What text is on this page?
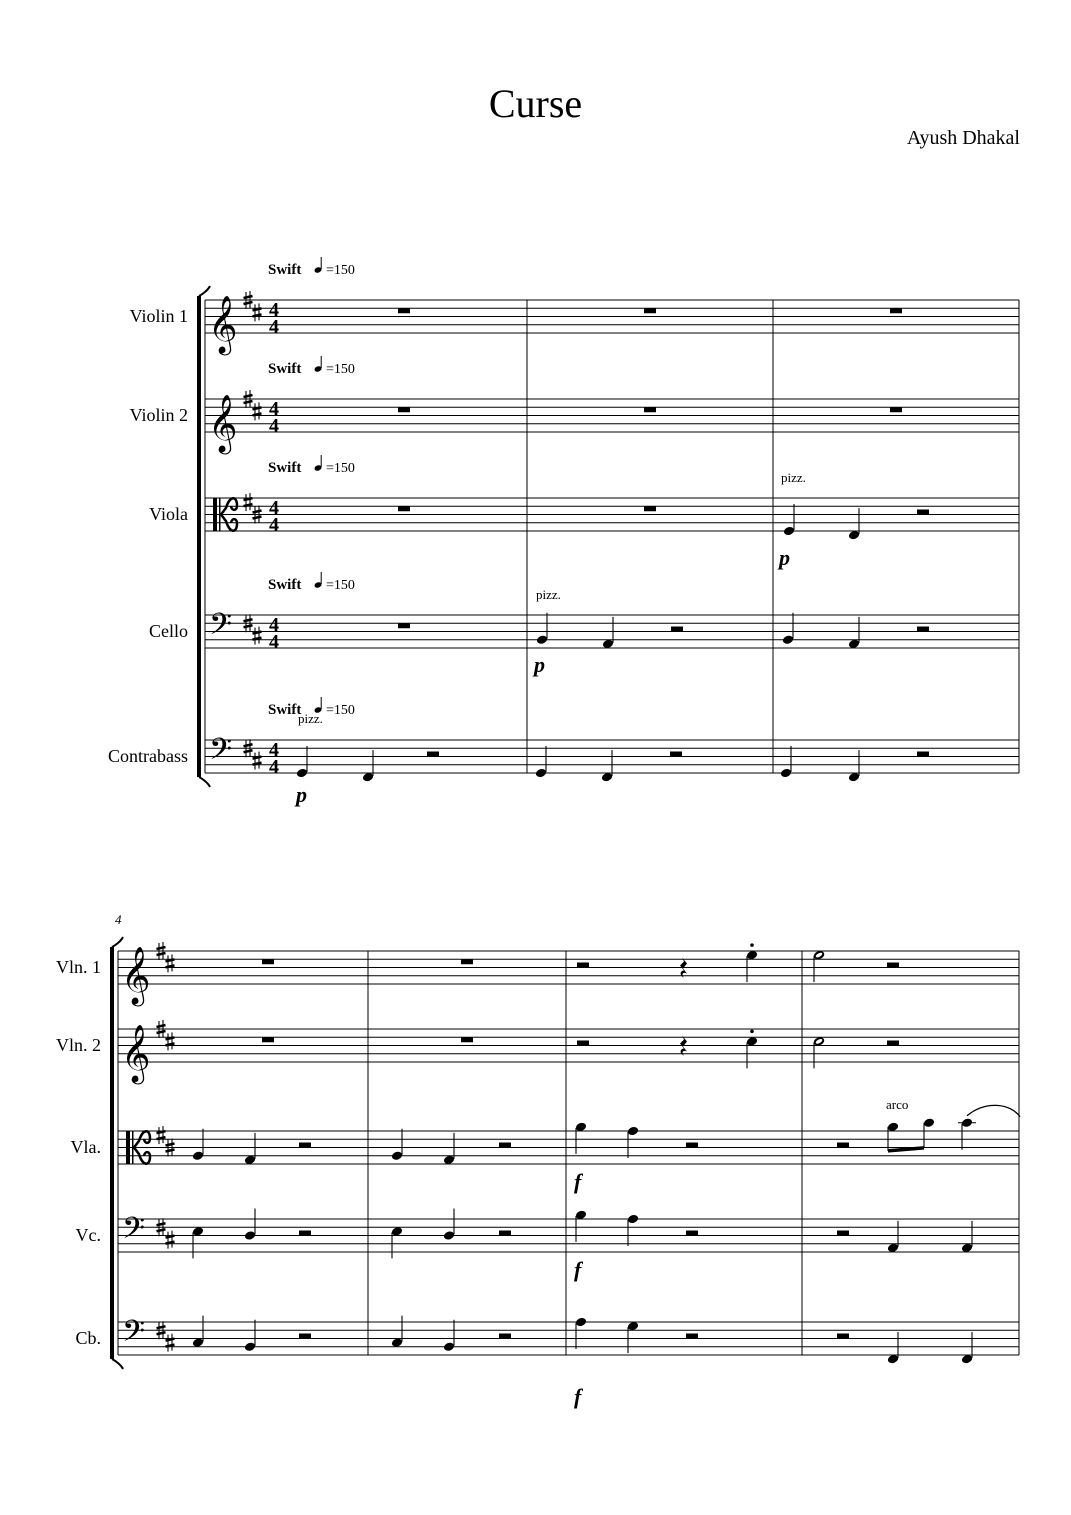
Curse
Ayush Dhakal
Violin 1 𝄞 4
4
Swift =150
Violin 2 𝄞 4
4
Swift =150
Viola	4
4
Swift =150
Cello 𝄢 4
4
Swift =150
Contrabass 𝄢 4
4
Swift =150
pizz.
p
pizz.
p
pizz.
p
4
Vln. 1 𝄞
Vln. 2 𝄞
Vla.
Vc. 𝄢
Cb. 𝄢
arco
f
f
f
